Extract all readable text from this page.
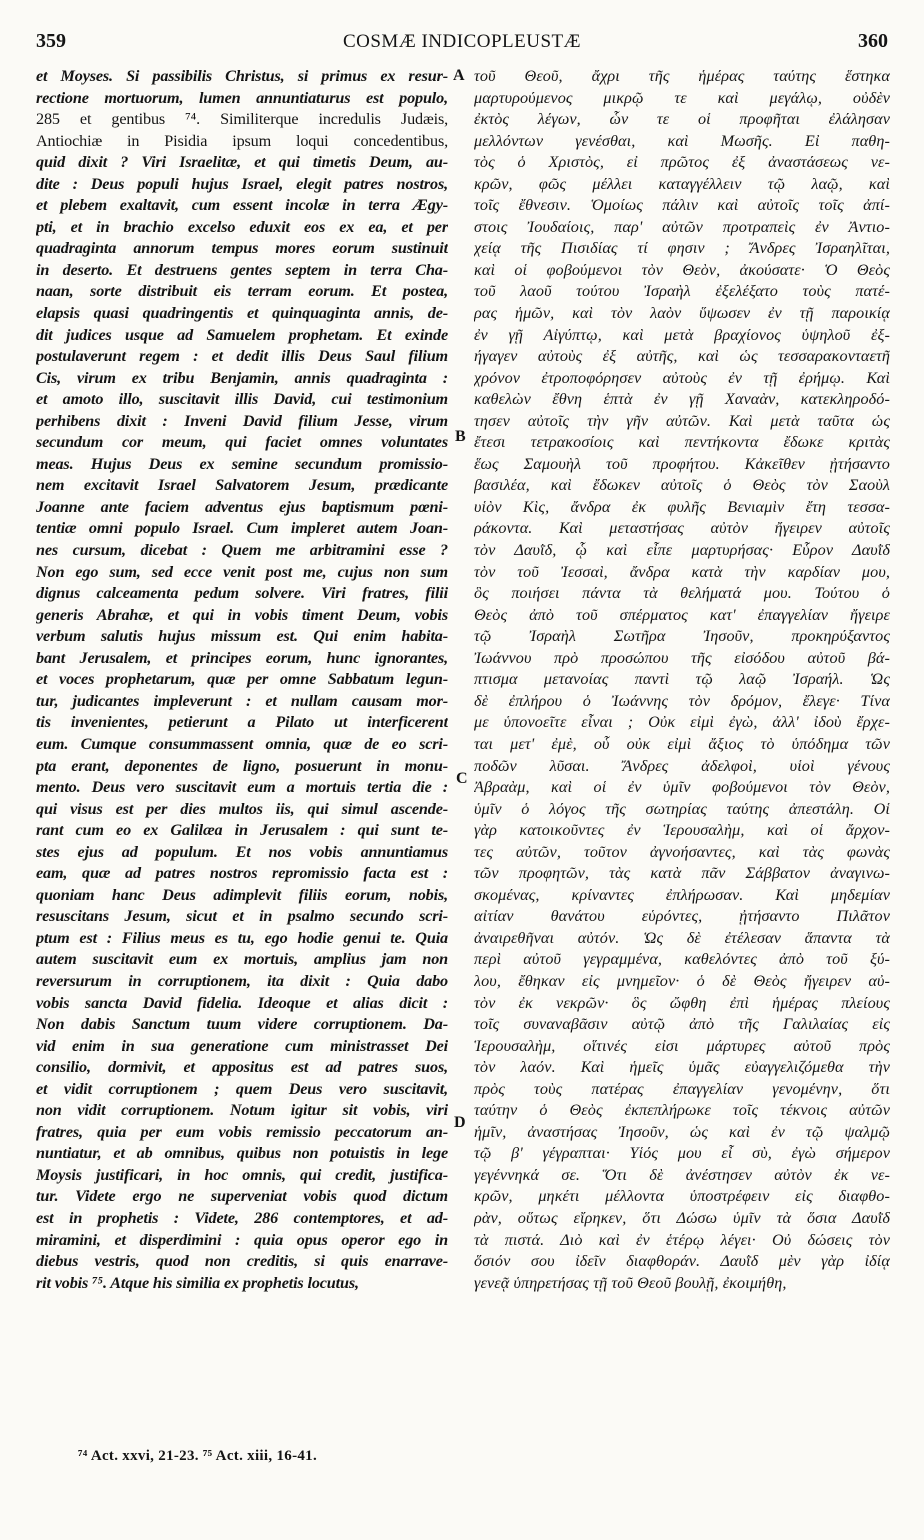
359	COSMÆ INDICOPLEUSTÆ	360
et Moyses. Si passibilis Christus, si primus ex resur-
rectione mortuorum, lumen annuntiaturus est populo,
285 et gentibus ⁷⁴. Similiterque incredulis Judæis,
Antiochiæ in Pisidia ipsum loqui concedentibus,
quid dixit ? Viri Israelitæ, et qui timetis Deum, au-
dite : Deus populi hujus Israel, elegit patres nostros,
et plebem exaltavit, cum essent incolæ in terra Ægy-
pti, et in brachio excelso eduxit eos ex ea, et per
quadraginta annorum tempus mores eorum sustinuit
in deserto. Et destruens gentes septem in terra Cha-
naan, sorte distribuit eis terram eorum. Et postea,
elapsis quasi quadringentis et quinquaginta annis, de-
dit judices usque ad Samuelem prophetam. Et exinde
postulaverunt regem : et dedit illis Deus Saul filium
Cis, virum ex tribu Benjamin, annis quadraginta :
et amoto illo, suscitavit illis David, cui testimonium
perhibens dixit : Inveni David filium Jesse, virum
secundum cor meum, qui faciet omnes voluntates
meas. Hujus Deus ex semine secundum promissio-
nem excitavit Israel Salvatorem Jesum, prædicante
Joanne ante faciem adventus ejus baptismum pœni-
tentiæ omni populo Israel. Cum impleret autem Joan-
nes cursum, dicebat : Quem me arbitramini esse ?
Non ego sum, sed ecce venit post me, cujus non sum
dignus calceamenta pedum solvere. Viri fratres, filii
generis Abrahæ, et qui in vobis timent Deum, vobis
verbum salutis hujus missum est. Qui enim habita-
bant Jerusalem, et principes eorum, hunc ignorantes,
et voces prophetarum, quæ per omne Sabbatum legun-
tur, judicantes impleverunt : et nullam causam mor-
tis invenientes, petierunt a Pilato ut interficerent
eum. Cumque consummassent omnia, quæ de eo scri-
pta erant, deponentes de ligno, posuerunt in monu-
mento. Deus vero suscitavit eum a mortuis tertia die :
qui visus est per dies multos iis, qui simul ascende-
rant cum eo ex Galilæa in Jerusalem : qui sunt te-
stes ejus ad populum. Et nos vobis annuntiamus
eam, quæ ad patres nostros repromissio facta est :
quoniam hanc Deus adimplevit filiis eorum, nobis,
resuscitans Jesum, sicut et in psalmo secundo scri-
ptum est : Filius meus es tu, ego hodie genui te. Quia
autem suscitavit eum ex mortuis, amplius jam non
reversurum in corruptionem, ita dixit : Quia dabo
vobis sancta David fidelia. Ideoque et alias dicit :
Non dabis Sanctum tuum videre corruptionem. Da-
vid enim in sua generatione cum ministrasset Dei
consilio, dormivit, et appositus est ad patres suos,
et vidit corruptionem ; quem Deus vero suscitavit,
non vidit corruptionem. Notum igitur sit vobis, viri
fratres, quia per eum vobis remissio peccatorum an-
nuntiatur, et ab omnibus, quibus non potuistis in lege
Moysis justificari, in hoc omnis, qui credit, justifica-
tur. Videte ergo ne superveniat vobis quod dictum
est in prophetis : Videte, 286 contemptores, et ad-
miramini, et disperdimini : quia opus operor ego in
diebus vestris, quod non creditis, si quis enarrave-
rit vobis ⁷⁵. Atque his similia ex prophetis locutus,
τοῦ Θεοῦ, ἄχρι τῆς ἡμέρας ταύτης ἕστηκα
μαρτυρούμενος μικρῷ τε καὶ μεγάλῳ, οὐδὲν
ἐκτὸς λέγων, ὧν τε οἱ προφῆται ἐλάλησαν
μελλόντων γενέσθαι, καὶ Μωσῆς. Εἰ παθη-
τὸς ὁ Χριστὸς, εἰ πρῶτος ἐξ ἀναστάσεως νε-
κρῶν, φῶς μέλλει καταγγέλλειν τῷ λαῷ, καὶ
τοῖς ἔθνεσιν. Ὁμοίως πάλιν καὶ αὐτοῖς τοῖς ἀπί-
στοις Ἰουδαίοις, παρ' αὐτῶν προτραπεὶς ἐν Ἀντιο-
χείᾳ τῆς Πισιδίας τί φησιν ; Ἄνδρες Ἰσραηλῖται,
καὶ οἱ φοβούμενοι τὸν Θεὸν, ἀκούσατε· Ὁ Θεὸς
τοῦ λαοῦ τούτου Ἰσραὴλ ἐξελέξατο τοὺς πατέ-
ρας ἡμῶν, καὶ τὸν λαὸν ὕψωσεν ἐν τῇ παροικίᾳ
ἐν γῇ Αἰγύπτῳ, καὶ μετὰ βραχίονος ὑψηλοῦ ἐξ-
ήγαγεν αὐτοὺς ἐξ αὐτῆς, καὶ ὡς τεσσαρακονταετῆ
χρόνον ἐτροποφόρησεν αὐτοὺς ἐν τῇ ἐρήμῳ. Καὶ
καθελὼν ἔθνη ἑπτὰ ἐν γῇ Χαναὰν, κατεκληροδό-
τησεν αὐτοῖς τὴν γῆν αὐτῶν. Καὶ μετὰ ταῦτα ὡς
ἔτεσι τετρακοσίοις καὶ πεντήκοντα ἔδωκε κριτὰς
ἕως Σαμουὴλ τοῦ προφήτου. Κἀκεῖθεν ᾐτήσαντο
βασιλέα, καὶ ἔδωκεν αὐτοῖς ὁ Θεὸς τὸν Σαοὺλ
υἱὸν Κὶς, ἄνδρα ἐκ φυλῆς Βενιαμὶν ἔτη τεσσα-
ράκοντα. Καὶ μεταστήσας αὐτὸν ἤγειρεν αὐτοῖς
τὸν Δαυῒδ, ᾧ καὶ εἶπε μαρτυρήσας· Εὗρον Δαυῒδ
τὸν τοῦ Ἰεσσαὶ, ἄνδρα κατὰ τὴν καρδίαν μου,
ὃς ποιήσει πάντα τὰ θελήματά μου. Τούτου ὁ
Θεὸς ἀπὸ τοῦ σπέρματος κατ' ἐπαγγελίαν ἤγειρε
τῷ Ἰσραὴλ Σωτῆρα Ἰησοῦν, προκηρύξαντος
Ἰωάννου πρὸ προσώπου τῆς εἰσόδου αὐτοῦ βά-
πτισμα μετανοίας παντὶ τῷ λαῷ Ἰσραήλ. Ὡς
δὲ ἐπλήρου ὁ Ἰωάννης τὸν δρόμον, ἔλεγε· Τίνα
με ὑπονοεῖτε εἶναι ; Οὐκ εἰμὶ ἐγὼ, ἀλλ' ἰδοὺ ἔρχε-
ται μετ' ἐμὲ, οὗ οὐκ εἰμὶ ἄξιος τὸ ὑπόδημα τῶν
ποδῶν λῦσαι. Ἄνδρες ἀδελφοὶ, υἱοὶ γένους
Ἀβραὰμ, καὶ οἱ ἐν ὑμῖν φοβούμενοι τὸν Θεὸν,
ὑμῖν ὁ λόγος τῆς σωτηρίας ταύτης ἀπεστάλη. Οἱ
γὰρ κατοικοῦντες ἐν Ἱερουσαλὴμ, καὶ οἱ ἄρχον-
τες αὐτῶν, τοῦτον ἀγνοήσαντες, καὶ τὰς φωνὰς
τῶν προφητῶν, τὰς κατὰ πᾶν Σάββατον ἀναγινω-
σκομένας, κρίναντες ἐπλήρωσαν. Καὶ μηδεμίαν
αἰτίαν θανάτου εὑρόντες, ᾐτήσαντο Πιλᾶτον
ἀναιρεθῆναι αὐτόν. Ὡς δὲ ἐτέλεσαν ἅπαντα τὰ
περὶ αὐτοῦ γεγραμμένα, καθελόντες ἀπὸ τοῦ ξύ-
λου, ἔθηκαν εἰς μνημεῖον· ὁ δὲ Θεὸς ἤγειρεν αὐ-
τὸν ἐκ νεκρῶν· ὃς ὤφθη ἐπὶ ἡμέρας πλείους
τοῖς συναναβᾶσιν αὐτῷ ἀπὸ τῆς Γαλιλαίας εἰς
Ἱερουσαλὴμ, οἵτινές εἰσι μάρτυρες αὐτοῦ πρὸς
τὸν λαόν. Καὶ ἡμεῖς ὑμᾶς εὐαγγελιζόμεθα τὴν
πρὸς τοὺς πατέρας ἐπαγγελίαν γενομένην, ὅτι
ταύτην ὁ Θεὸς ἐκπεπλήρωκε τοῖς τέκνοις αὐτῶν
ἡμῖν, ἀναστήσας Ἰησοῦν, ὡς καὶ ἐν τῷ ψαλμῷ
τῷ β' γέγραπται· Υἱός μου εἶ σὺ, ἐγὼ σήμερον
γεγέννηκά σε. Ὅτι δὲ ἀνέστησεν αὐτὸν ἐκ νε-
κρῶν, μηκέτι μέλλοντα ὑποστρέφειν εἰς διαφθο-
ρὰν, οὕτως εἴρηκεν, ὅτι Δώσω ὑμῖν τὰ ὅσια Δαυῒδ
τὰ πιστά. Διὸ καὶ ἐν ἑτέρῳ λέγει· Οὐ δώσεις τὸν
ὅσιόν σου ἰδεῖν διαφθοράν. Δαυῒδ μὲν γὰρ ἰδίᾳ
γενεᾷ ὑπηρετήσας τῇ τοῦ Θεοῦ βουλῇ, ἐκοιμήθη,
A
B
C
D
⁷⁴ Act. xxvi, 21-23. ⁷⁵ Act. xiii, 16-41.
